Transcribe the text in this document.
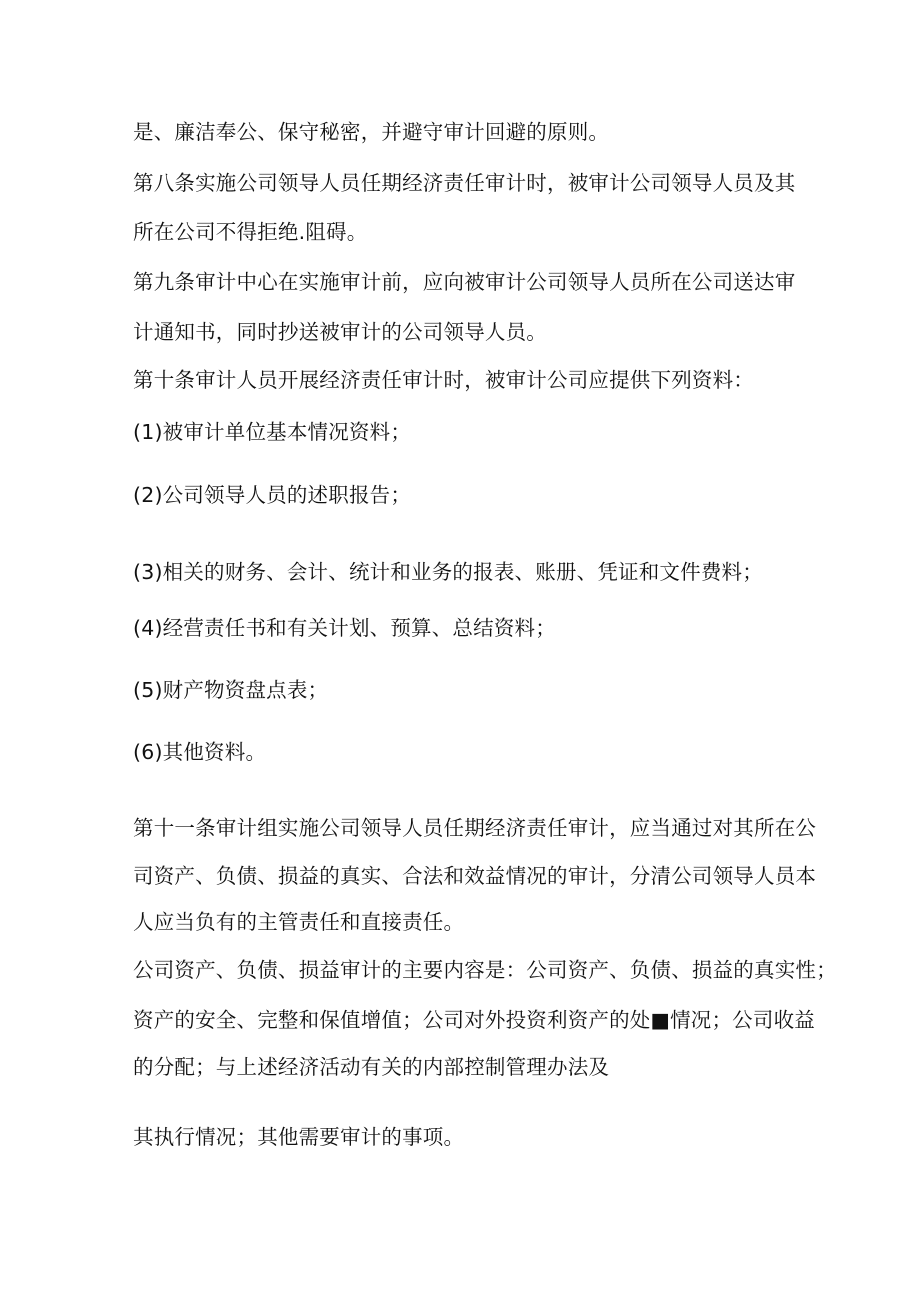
是、廉洁奉公、保守秘密，并避守审计回避的原则。
第八条实施公司领导人员任期经济责任审计时，被审计公司领导人员及其
所在公司不得拒绝.阻碍。
第九条审计中心在实施审计前，应向被审计公司领导人员所在公司送达审
计通知书，同时抄送被审计的公司领导人员。
第十条审计人员开展经济责任审计时，被审计公司应提供下列资料：
(1)被审计单位基本情况资料；
(2)公司领导人员的述职报告；
(3)相关的财务、会计、统计和业务的报表、账册、凭证和文件费料；
(4)经营责任书和有关计划、预算、总结资料；
(5)财产物资盘点表；
(6)其他资料。
第十一条审计组实施公司领导人员任期经济责任审计，应当通过对其所在公
司资产、负债、损益的真实、合法和效益情况的审计，分清公司领导人员本
人应当负有的主管责任和直接责任。
公司资产、负债、损益审计的主要内容是：公司资产、负债、损益的真实性；
资产的安全、完整和保值增值；公司对外投资利资产的处■情况；公司收益
的分配；与上述经济活动有关的内部控制管理办法及
其执行情况；其他需要审计的事项。
